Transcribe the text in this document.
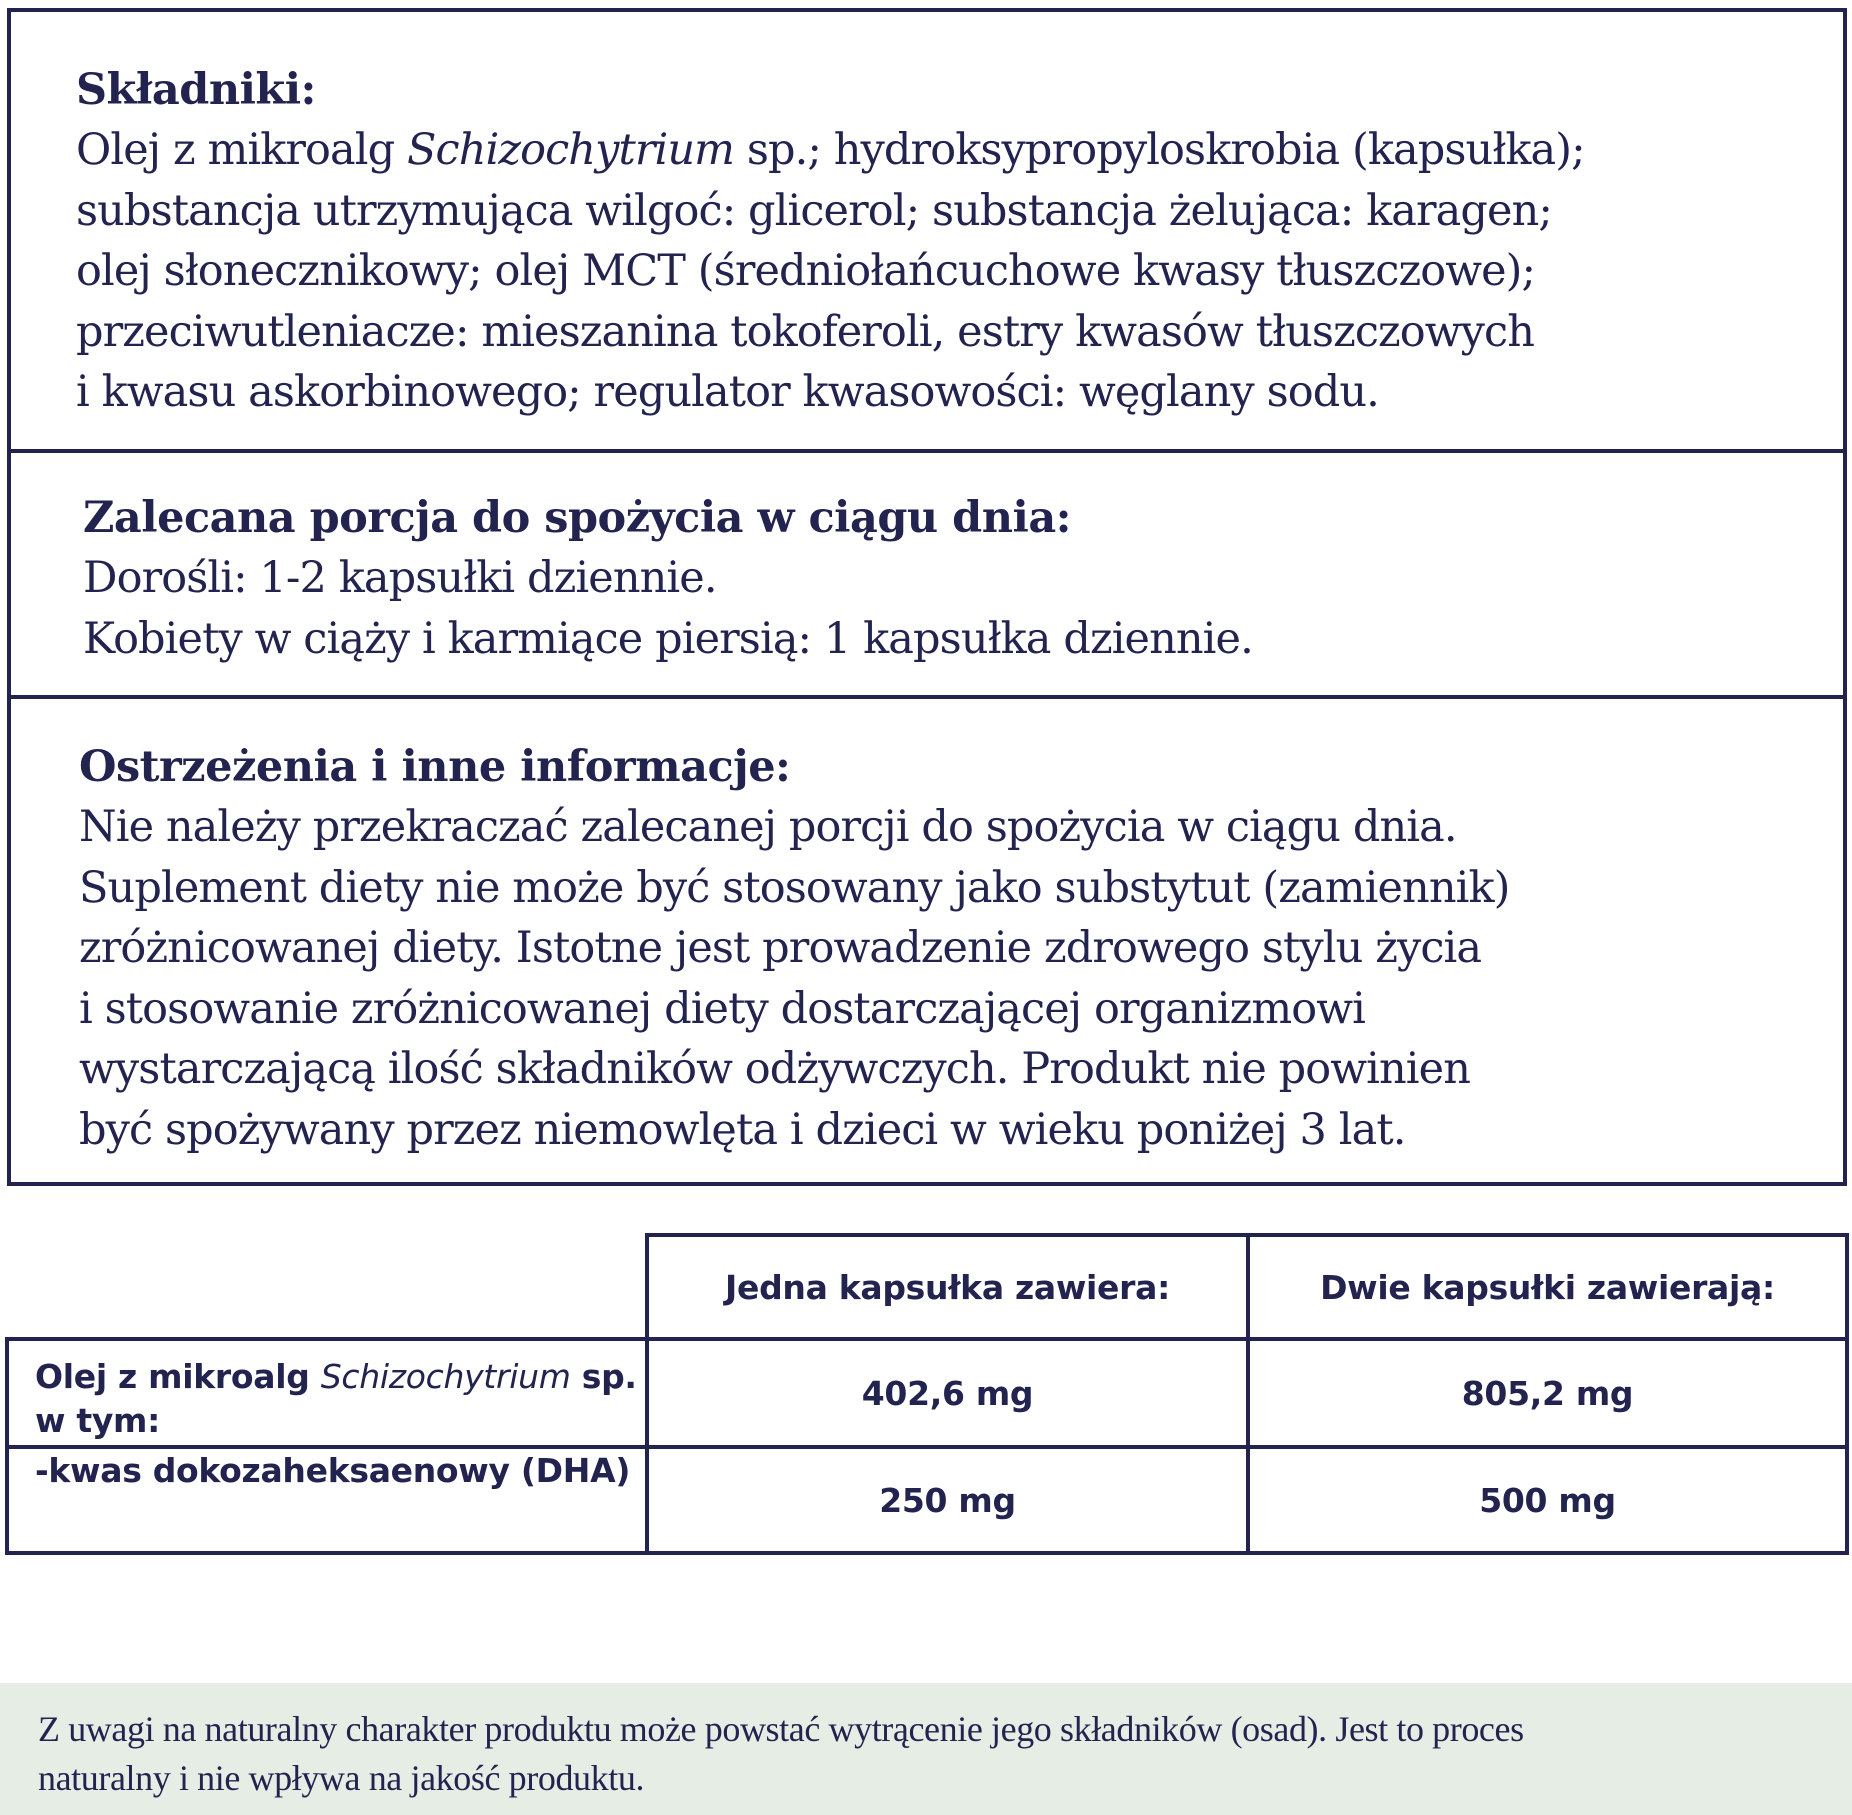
Składniki:
Olej z mikroalg Schizochytrium sp.; hydroksypropyloskrobia (kapsułka);
substancja utrzymująca wilgoć: glicerol; substancja żelująca: karagen;
olej słonecznikowy; olej MCT (średniołańcuchowe kwasy tłuszczowe);
przeciwutleniacze: mieszanina tokoferoli, estry kwasów tłuszczowych
i kwasu askorbinowego; regulator kwasowości: węglany sodu.
Zalecana porcja do spożycia w ciągu dnia:
Dorośli: 1-2 kapsułki dziennie.
Kobiety w ciąży i karmiące piersią: 1 kapsułka dziennie.
Ostrzeżenia i inne informacje:
Nie należy przekraczać zalecanej porcji do spożycia w ciągu dnia.
Suplement diety nie może być stosowany jako substytut (zamiennik)
zróżnicowanej diety. Istotne jest prowadzenie zdrowego stylu życia
i stosowanie zróżnicowanej diety dostarczającej organizmowi
wystarczającą ilość składników odżywczych. Produkt nie powinien
być spożywany przez niemowlęta i dzieci w wieku poniżej 3 lat.
	Jedna kapsułka zawiera:	Dwie kapsułki zawierają:
Olej z mikroalg Schizochytrium sp.
w tym:	402,6 mg	805,2 mg
-kwas dokozaheksaenowy (DHA)	250 mg	500 mg
Z uwagi na naturalny charakter produktu może powstać wytrącenie jego składników (osad). Jest to proces
naturalny i nie wpływa na jakość produktu.
